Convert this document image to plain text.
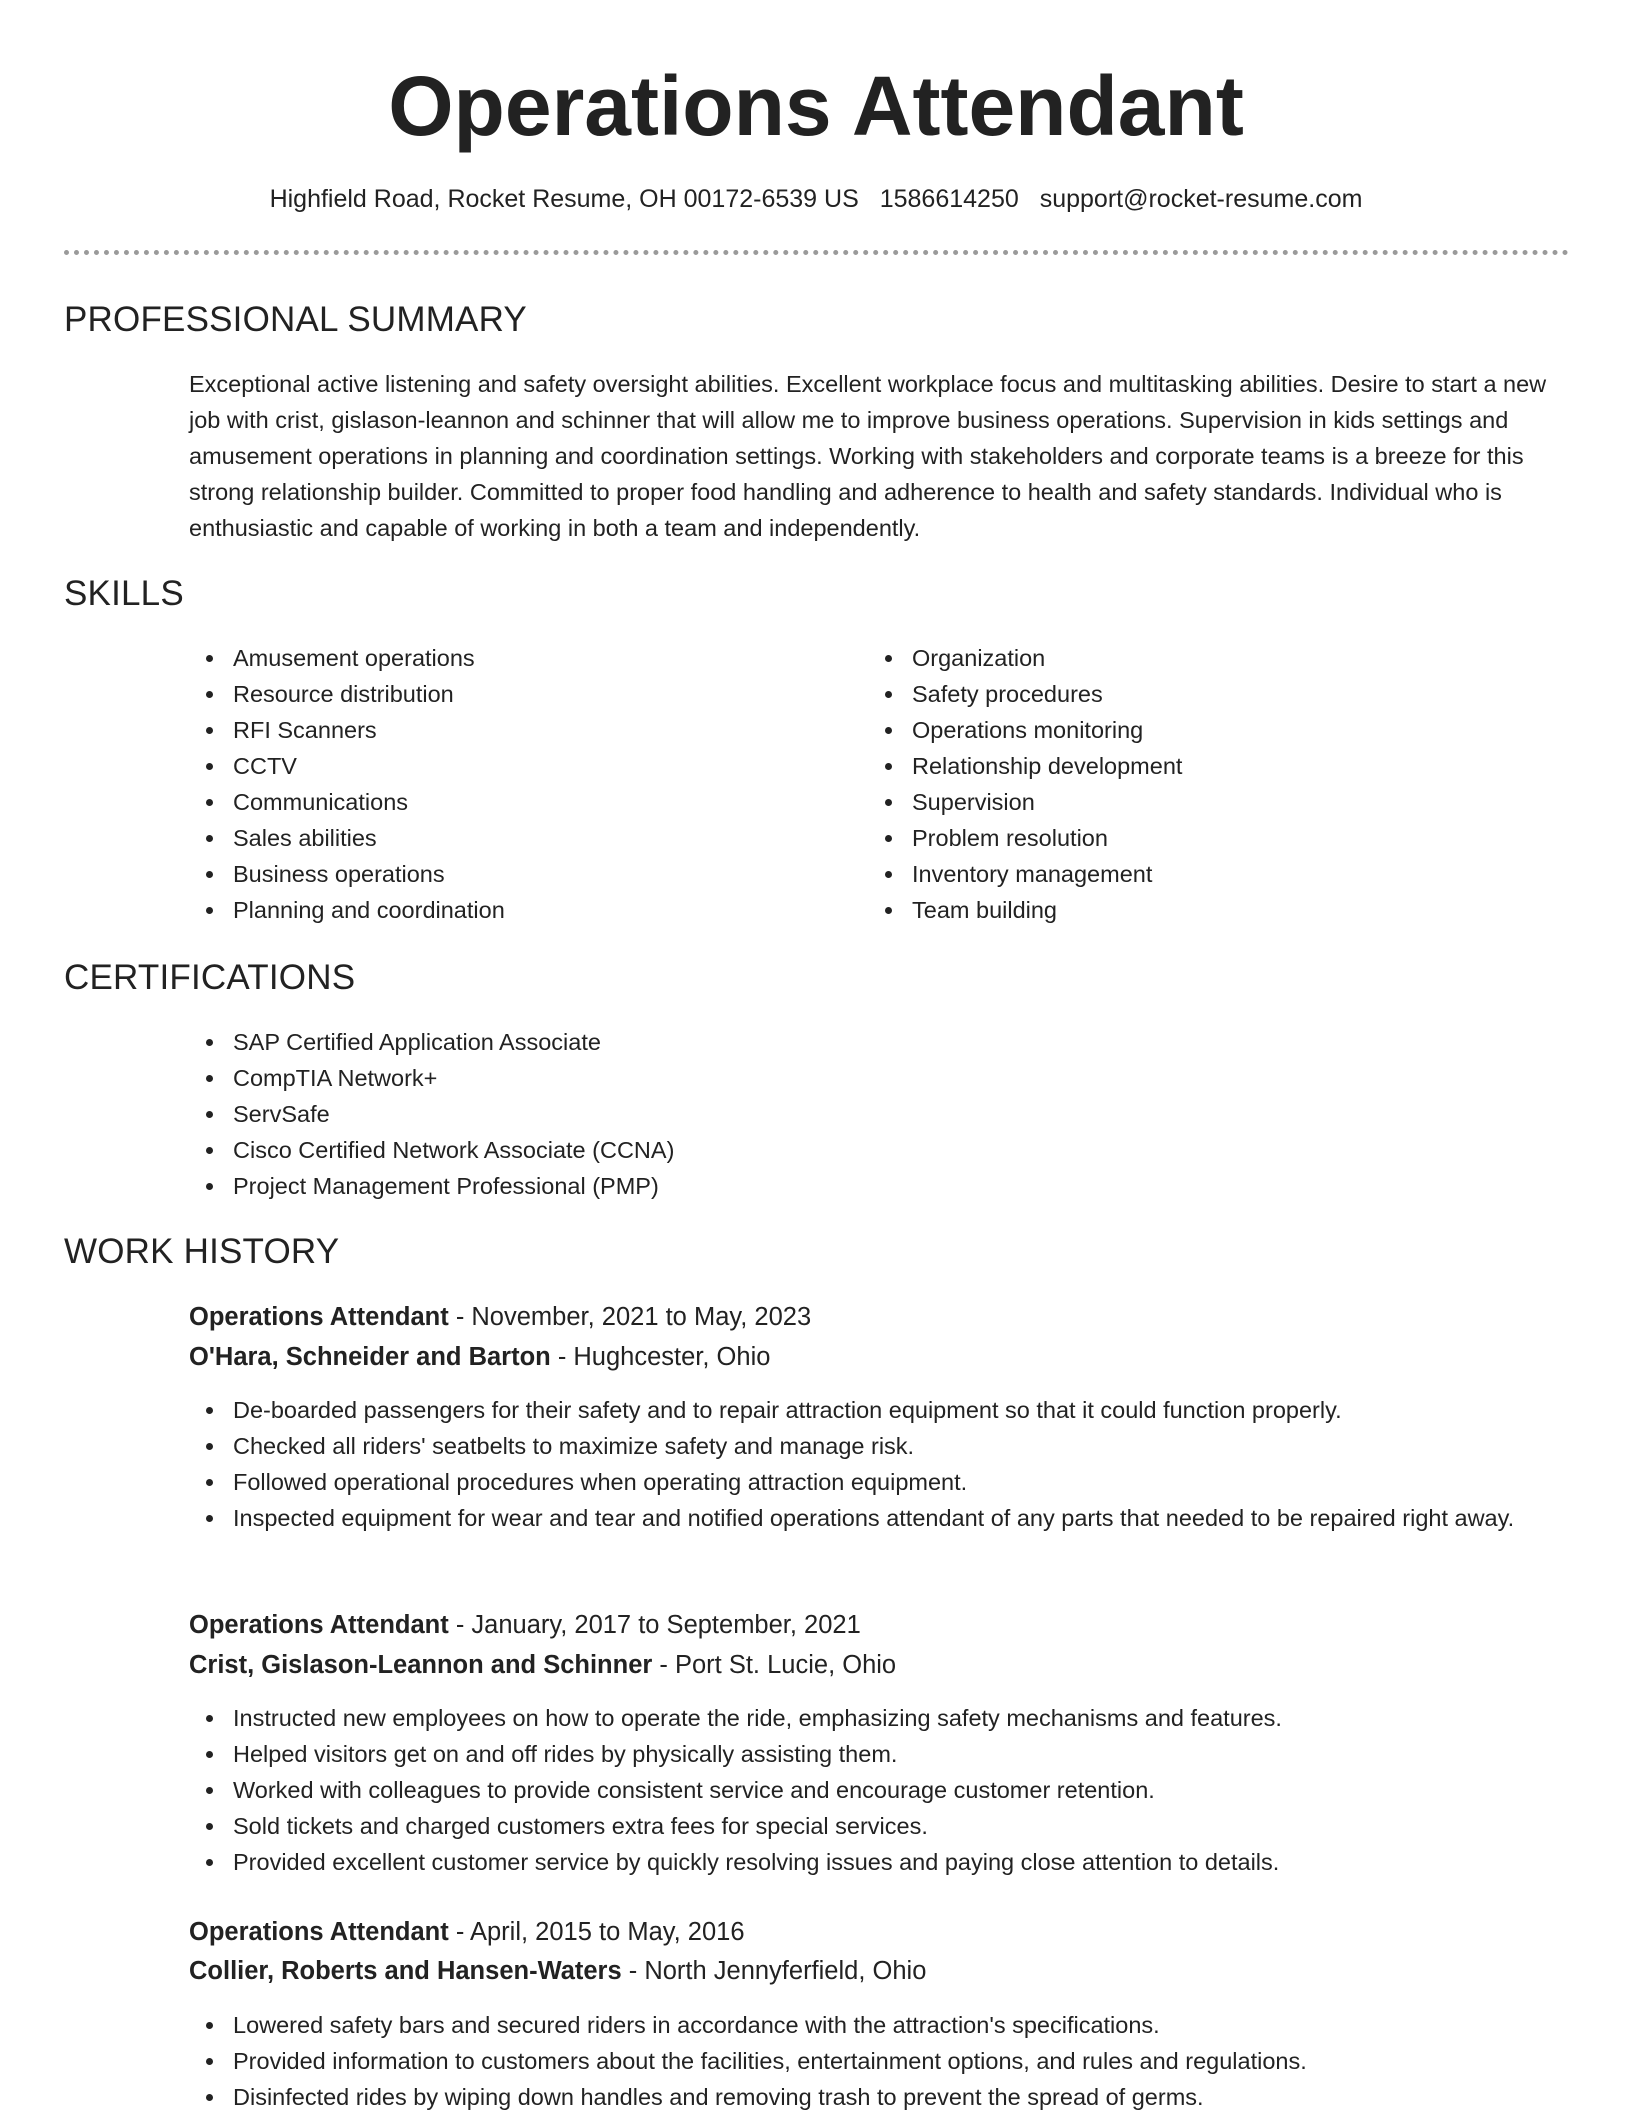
Operations Attendant
Highfield Road, Rocket Resume, OH 00172-6539 US 1586614250 support@rocket-resume.com
PROFESSIONAL SUMMARY

Exceptional active listening and safety oversight abilities. Excellent workplace focus and multitasking abilities. Desire to start a new job with crist, gislason-leannon and schinner that will allow me to improve business operations. Supervision in kids settings and amusement operations in planning and coordination settings. Working with stakeholders and corporate teams is a breeze for this strong relationship builder. Committed to proper food handling and adherence to health and safety standards. Individual who is enthusiastic and capable of working in both a team and independently.

SKILLS
Amusement operations
Resource distribution
RFI Scanners
CCTV
Communications
Sales abilities
Business operations
Planning and coordination
Organization
Safety procedures
Operations monitoring
Relationship development
Supervision
Problem resolution
Inventory management
Team building
CERTIFICATIONS
SAP Certified Application Associate
CompTIA Network+
ServSafe
Cisco Certified Network Associate (CCNA)
Project Management Professional (PMP)
WORK HISTORY
Operations Attendant - November, 2021 to May, 2023
O'Hara, Schneider and Barton - Hughcester, Ohio
De-boarded passengers for their safety and to repair attraction equipment so that it could function properly.
Checked all riders' seatbelts to maximize safety and manage risk.
Followed operational procedures when operating attraction equipment.
Inspected equipment for wear and tear and notified operations attendant of any parts that needed to be repaired right away.
Operations Attendant - January, 2017 to September, 2021
Crist, Gislason-Leannon and Schinner - Port St. Lucie, Ohio
Instructed new employees on how to operate the ride, emphasizing safety mechanisms and features.
Helped visitors get on and off rides by physically assisting them.
Worked with colleagues to provide consistent service and encourage customer retention.
Sold tickets and charged customers extra fees for special services.
Provided excellent customer service by quickly resolving issues and paying close attention to details.
Operations Attendant - April, 2015 to May, 2016
Collier, Roberts and Hansen-Waters - North Jennyferfield, Ohio
Lowered safety bars and secured riders in accordance with the attraction's specifications.
Provided information to customers about the facilities, entertainment options, and rules and regulations.
Disinfected rides by wiping down handles and removing trash to prevent the spread of germs.
